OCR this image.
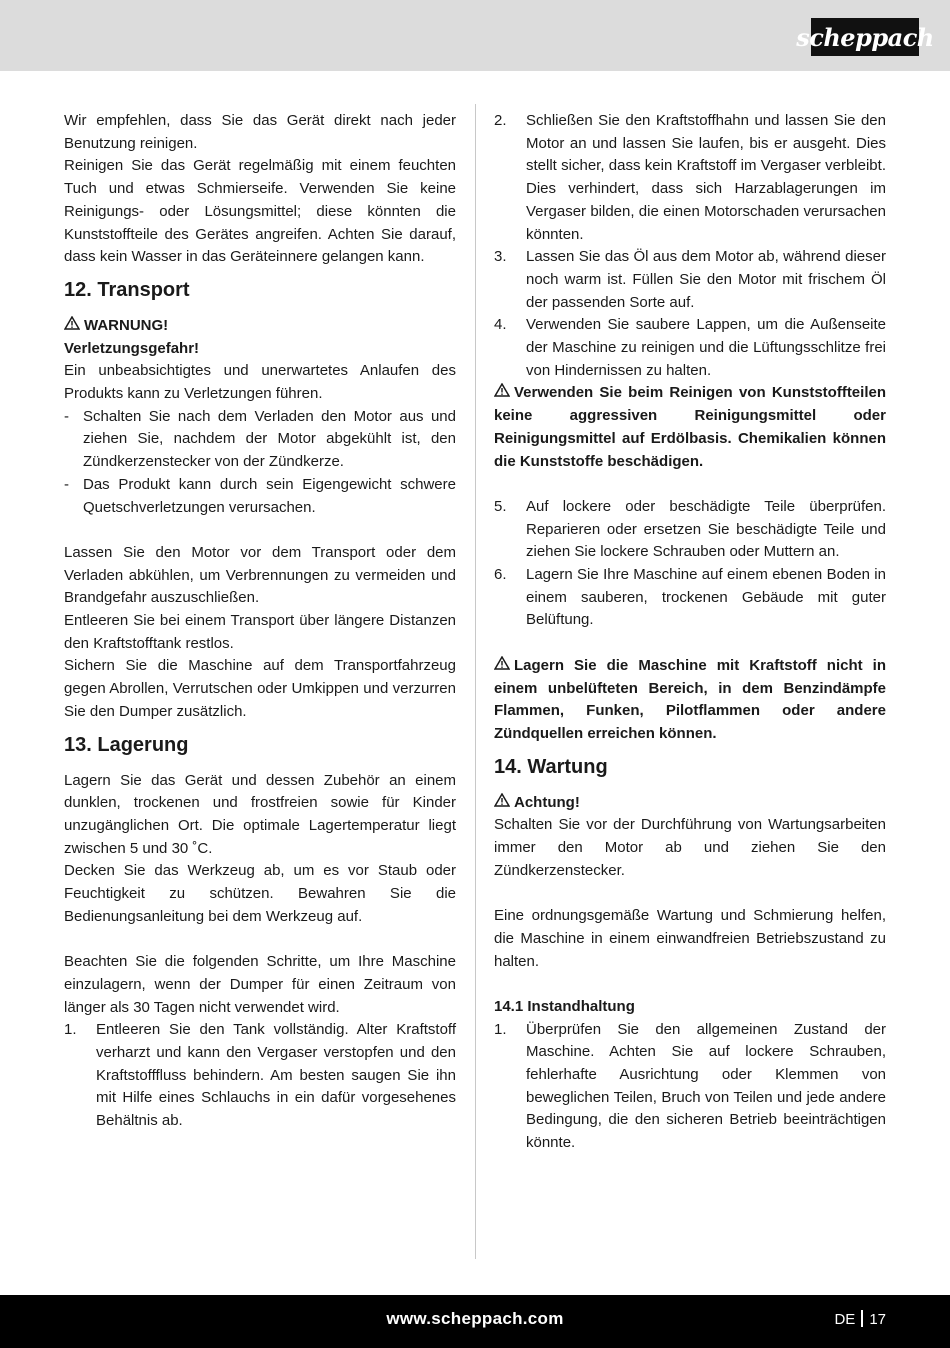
scheppach

Wir empfehlen, dass Sie das Gerät direkt nach jeder Benutzung reinigen.

Reinigen Sie das Gerät regelmäßig mit einem feuchten Tuch und etwas Schmierseife. Verwenden Sie keine Reinigungs- oder Lösungsmittel; diese könnten die Kunststoffteile des Gerätes angreifen. Achten Sie darauf, dass kein Wasser in das Geräteinnere gelangen kann.

12. Transport
WARNUNG!
Verletzungsgefahr!

Ein unbeabsichtigtes und unerwartetes Anlaufen des Produkts kann zu Verletzungen führen.

- Schalten Sie nach dem Verladen den Motor aus und ziehen Sie, nachdem der Motor abgekühlt ist, den Zündkerzenstecker von der Zündkerze.
- Das Produkt kann durch sein Eigengewicht schwere Quetschverletzungen verursachen.

Lassen Sie den Motor vor dem Transport oder dem Verladen abkühlen, um Verbrennungen zu vermeiden und Brandgefahr auszuschließen.

Entleeren Sie bei einem Transport über längere Distanzen den Kraftstofftank restlos.

Sichern Sie die Maschine auf dem Transportfahrzeug gegen Abrollen, Verrutschen oder Umkippen und verzurren Sie den Dumper zusätzlich.

13. Lagerung

Lagern Sie das Gerät und dessen Zubehör an einem dunklen, trockenen und frostfreien sowie für Kinder unzugänglichen Ort. Die optimale Lagertemperatur liegt zwischen 5 und 30 ˚C.

Decken Sie das Werkzeug ab, um es vor Staub oder Feuchtigkeit zu schützen. Bewahren Sie die Bedienungsanleitung bei dem Werkzeug auf.

Beachten Sie die folgenden Schritte, um Ihre Maschine einzulagern, wenn der Dumper für einen Zeitraum von länger als 30 Tagen nicht verwendet wird.

1.	Entleeren Sie den Tank vollständig. Alter Kraftstoff verharzt und kann den Vergaser verstopfen und den Kraftstofffluss behindern. Am besten saugen Sie ihn mit Hilfe eines Schlauchs in ein dafür vorgesehenes Behältnis ab.
2.	Schließen Sie den Kraftstoffhahn und lassen Sie den Motor an und lassen Sie laufen, bis er ausgeht. Dies stellt sicher, dass kein Kraftstoff im Vergaser verbleibt. Dies verhindert, dass sich Harzablagerungen im Vergaser bilden, die einen Motorschaden verursachen könnten.
3.	Lassen Sie das Öl aus dem Motor ab, während dieser noch warm ist. Füllen Sie den Motor mit frischem Öl der passenden Sorte auf.
4.	Verwenden Sie saubere Lappen, um die Außenseite der Maschine zu reinigen und die Lüftungsschlitze frei von Hindernissen zu halten.

Verwenden Sie beim Reinigen von Kunststoffteilen keine aggressiven Reinigungsmittel oder Reinigungsmittel auf Erdölbasis. Chemikalien können die Kunststoffe beschädigen.

5.	Auf lockere oder beschädigte Teile überprüfen. Reparieren oder ersetzen Sie beschädigte Teile und ziehen Sie lockere Schrauben oder Muttern an.
6.	Lagern Sie Ihre Maschine auf einem ebenen Boden in einem sauberen, trockenen Gebäude mit guter Belüftung.

Lagern Sie die Maschine mit Kraftstoff nicht in einem unbelüfteten Bereich, in dem Benzindämpfe Flammen, Funken, Pilotflammen oder andere Zündquellen erreichen können.

14. Wartung
Achtung!

Schalten Sie vor der Durchführung von Wartungsarbeiten immer den Motor ab und ziehen Sie den Zündkerzenstecker.

Eine ordnungsgemäße Wartung und Schmierung helfen, die Maschine in einem einwandfreien Betriebszustand zu halten.

14.1 Instandhaltung
1.	Überprüfen Sie den allgemeinen Zustand der Maschine. Achten Sie auf lockere Schrauben, fehlerhafte Ausrichtung oder Klemmen von beweglichen Teilen, Bruch von Teilen und jede andere Bedingung, die den sicheren Betrieb beeinträchtigen könnte.
www.scheppach.com	DE 17
